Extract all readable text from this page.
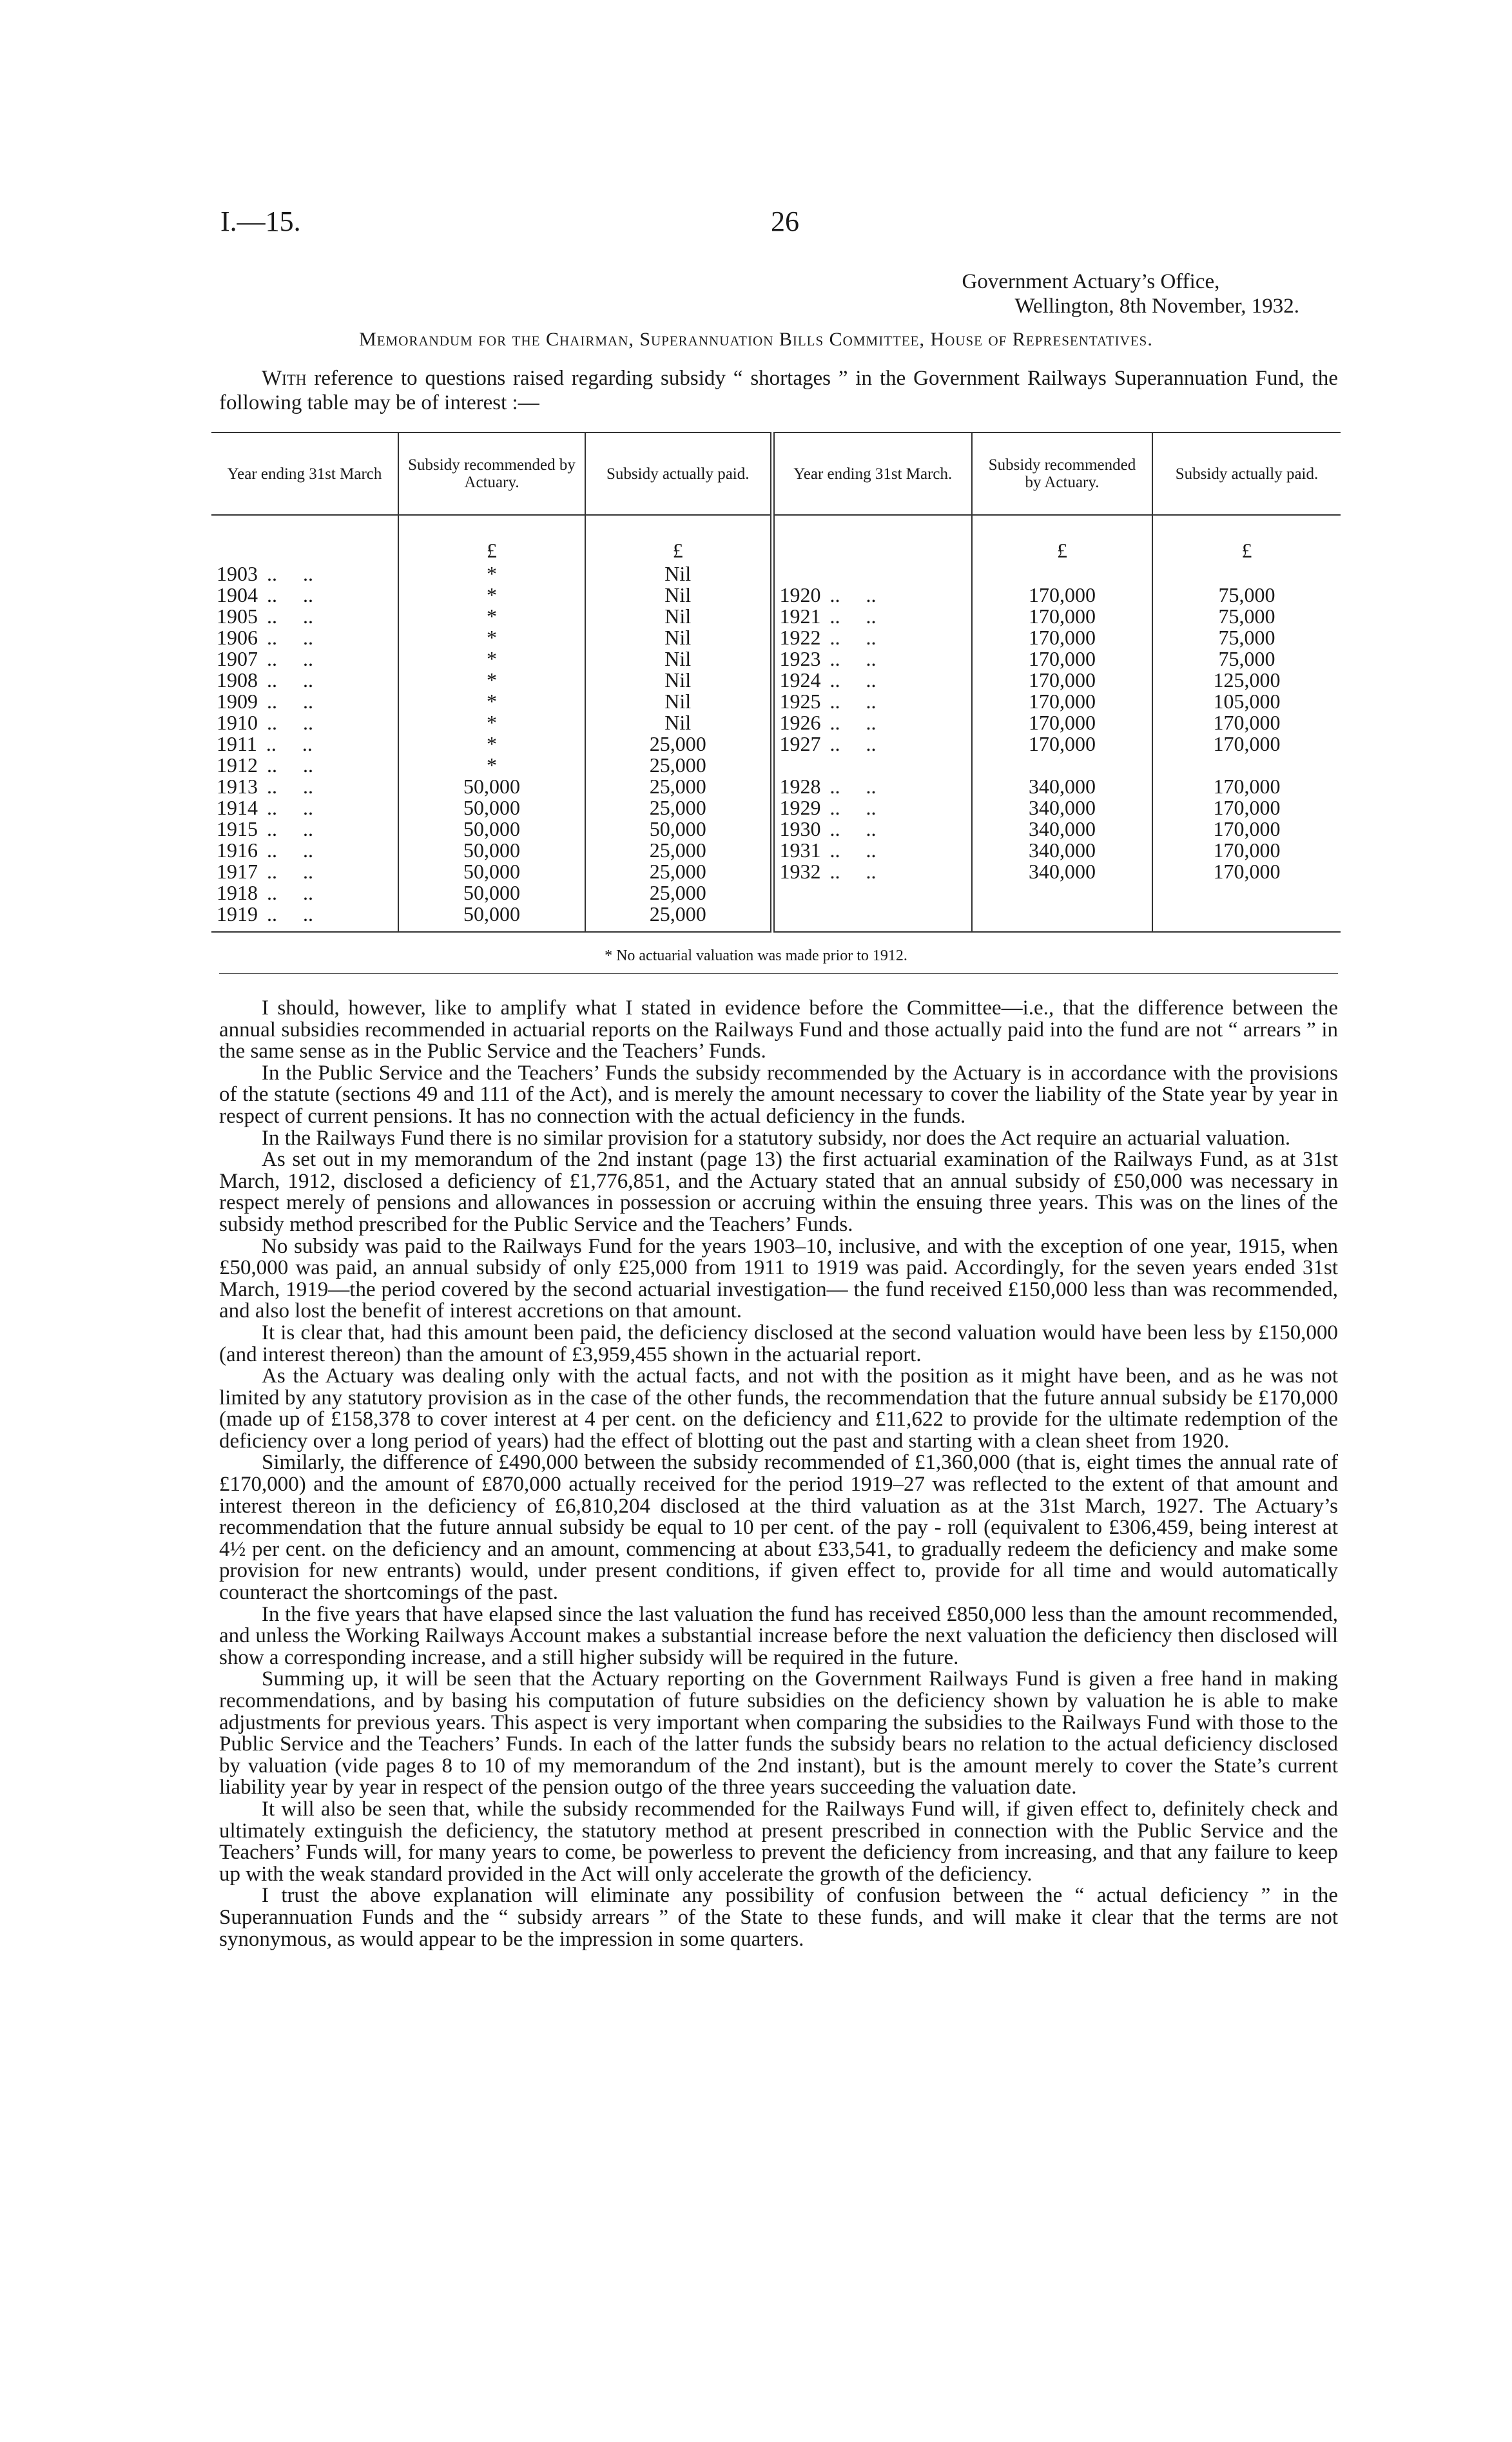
I.—15.	26
Government Actuary’s Office,
Wellington, 8th November, 1932.
Memorandum for the Chairman, Superannuation Bills Committee, House of Representatives.
With reference to questions raised regarding subsidy “ shortages ” in the Government Railways Superannuation Fund, the following table may be of interest :—
Year ending 31st March	Subsidy recommended by Actuary.	Subsidy actually paid.	Year ending 31st March.	Subsidy recommended by Actuary.	Subsidy actually paid.
	£	£		£	£
1903 ..     ..	*	Nil			
1904 ..     ..	*	Nil	1920 ..     ..	170,000	75,000
1905 ..     ..	*	Nil	1921 ..     ..	170,000	75,000
1906 ..     ..	*	Nil	1922 ..     ..	170,000	75,000
1907 ..     ..	*	Nil	1923 ..     ..	170,000	75,000
1908 ..     ..	*	Nil	1924 ..     ..	170,000	125,000
1909 ..     ..	*	Nil	1925 ..     ..	170,000	105,000
1910 ..     ..	*	Nil	1926 ..     ..	170,000	170,000
1911 ..     ..	*	25,000	1927 ..     ..	170,000	170,000
1912 ..     ..	*	25,000			
1913 ..     ..	50,000	25,000	1928 ..     ..	340,000	170,000
1914 ..     ..	50,000	25,000	1929 ..     ..	340,000	170,000
1915 ..     ..	50,000	50,000	1930 ..     ..	340,000	170,000
1916 ..     ..	50,000	25,000	1931 ..     ..	340,000	170,000
1917 ..     ..	50,000	25,000	1932 ..     ..	340,000	170,000
1918 ..     ..	50,000	25,000			
1919 ..     ..	50,000	25,000			
* No actuarial valuation was made prior to 1912.

I should, however, like to amplify what I stated in evidence before the Committee—i.e., that the difference between the annual subsidies recommended in actuarial reports on the Railways Fund and those actually paid into the fund are not “ arrears ” in the same sense as in the Public Service and the Teachers’ Funds.

In the Public Service and the Teachers’ Funds the subsidy recommended by the Actuary is in accordance with the provisions of the statute (sections 49 and 111 of the Act), and is merely the amount necessary to cover the liability of the State year by year in respect of current pensions. It has no connection with the actual deficiency in the funds.

In the Railways Fund there is no similar provision for a statutory subsidy, nor does the Act require an actuarial valuation.

As set out in my memorandum of the 2nd instant (page 13) the first actuarial examination of the Railways Fund, as at 31st March, 1912, disclosed a deficiency of £1,776,851, and the Actuary stated that an annual subsidy of £50,000 was necessary in respect merely of pensions and allowances in possession or accruing within the ensuing three years. This was on the lines of the subsidy method prescribed for the Public Service and the Teachers’ Funds.

No subsidy was paid to the Railways Fund for the years 1903–10, inclusive, and with the exception of one year, 1915, when £50,000 was paid, an annual subsidy of only £25,000 from 1911 to 1919 was paid. Accordingly, for the seven years ended 31st March, 1919—the period covered by the second actuarial investigation— the fund received £150,000 less than was recommended, and also lost the benefit of interest accretions on that amount.

It is clear that, had this amount been paid, the deficiency disclosed at the second valuation would have been less by £150,000 (and interest thereon) than the amount of £3,959,455 shown in the actuarial report.

As the Actuary was dealing only with the actual facts, and not with the position as it might have been, and as he was not limited by any statutory provision as in the case of the other funds, the recommendation that the future annual subsidy be £170,000 (made up of £158,378 to cover interest at 4 per cent. on the deficiency and £11,622 to provide for the ultimate redemption of the deficiency over a long period of years) had the effect of blotting out the past and starting with a clean sheet from 1920.

Similarly, the difference of £490,000 between the subsidy recommended of £1,360,000 (that is, eight times the annual rate of £170,000) and the amount of £870,000 actually received for the period 1919–27 was reflected to the extent of that amount and interest thereon in the deficiency of £6,810,204 disclosed at the third valuation as at the 31st March, 1927. The Actuary’s recommendation that the future annual subsidy be equal to 10 per cent. of the pay - roll (equivalent to £306,459, being interest at 4½ per cent. on the deficiency and an amount, commencing at about £33,541, to gradually redeem the deficiency and make some provision for new entrants) would, under present conditions, if given effect to, provide for all time and would automatically counteract the shortcomings of the past.

In the five years that have elapsed since the last valuation the fund has received £850,000 less than the amount recommended, and unless the Working Railways Account makes a substantial increase before the next valuation the deficiency then disclosed will show a corresponding increase, and a still higher subsidy will be required in the future.

Summing up, it will be seen that the Actuary reporting on the Government Railways Fund is given a free hand in making recommendations, and by basing his computation of future subsidies on the deficiency shown by valuation he is able to make adjustments for previous years. This aspect is very important when comparing the subsidies to the Railways Fund with those to the Public Service and the Teachers’ Funds. In each of the latter funds the subsidy bears no relation to the actual deficiency disclosed by valuation (vide pages 8 to 10 of my memorandum of the 2nd instant), but is the amount merely to cover the State’s current liability year by year in respect of the pension outgo of the three years succeeding the valuation date.

It will also be seen that, while the subsidy recommended for the Railways Fund will, if given effect to, definitely check and ultimately extinguish the deficiency, the statutory method at present prescribed in connection with the Public Service and the Teachers’ Funds will, for many years to come, be powerless to prevent the deficiency from increasing, and that any failure to keep up with the weak standard provided in the Act will only accelerate the growth of the deficiency.

I trust the above explanation will eliminate any possibility of confusion between the “ actual deficiency ” in the Superannuation Funds and the “ subsidy arrears ” of the State to these funds, and will make it clear that the terms are not synonymous, as would appear to be the impression in some quarters.
